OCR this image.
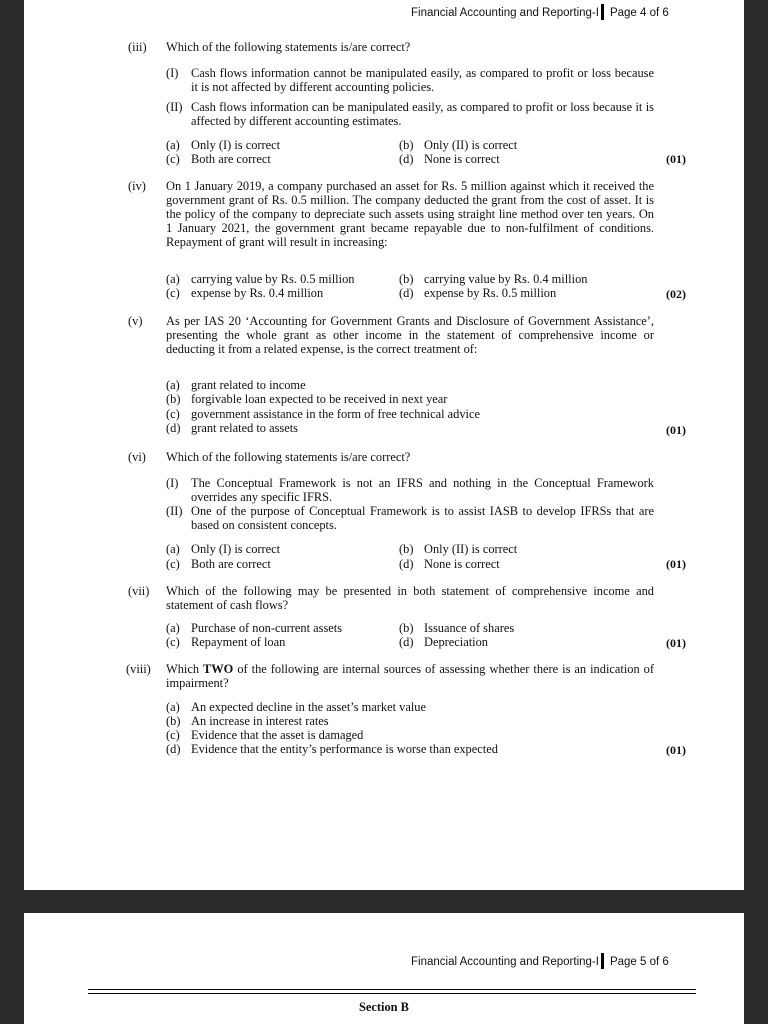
Financial Accounting and Reporting-I Page 4 of 6
(iii) Which of the following statements is/are correct?
(I) Cash flows information cannot be manipulated easily, as compared to profit or loss because it is not affected by different accounting policies.
(II) Cash flows information can be manipulated easily, as compared to profit or loss because it is affected by different accounting estimates.
(a) Only (I) is correct	(b) Only (II) is correct
(c) Both are correct	(d) None is correct	(01)
(iv) On 1 January 2019, a company purchased an asset for Rs. 5 million against which it received the government grant of Rs. 0.5 million. The company deducted the grant from the cost of asset. It is the policy of the company to depreciate such assets using straight line method over ten years. On 1 January 2021, the government grant became repayable due to non-fulfilment of conditions. Repayment of grant will result in increasing:
(a) carrying value by Rs. 0.5 million	(b) carrying value by Rs. 0.4 million
(c) expense by Rs. 0.4 million	(d) expense by Rs. 0.5 million	(02)
(v) As per IAS 20 ‘Accounting for Government Grants and Disclosure of Government Assistance’, presenting the whole grant as other income in the statement of comprehensive income or deducting it from a related expense, is the correct treatment of:
(a) grant related to income
(b) forgivable loan expected to be received in next year
(c) government assistance in the form of free technical advice
(d) grant related to assets	(01)
(vi) Which of the following statements is/are correct?
(I) The Conceptual Framework is not an IFRS and nothing in the Conceptual Framework overrides any specific IFRS.
(II) One of the purpose of Conceptual Framework is to assist IASB to develop IFRSs that are based on consistent concepts.
(a) Only (I) is correct	(b) Only (II) is correct
(c) Both are correct	(d) None is correct	(01)
(vii) Which of the following may be presented in both statement of comprehensive income and statement of cash flows?
(a) Purchase of non-current assets	(b) Issuance of shares
(c) Repayment of loan	(d) Depreciation	(01)
(viii) Which TWO of the following are internal sources of assessing whether there is an indication of impairment?
(a) An expected decline in the asset’s market value
(b) An increase in interest rates
(c) Evidence that the asset is damaged
(d) Evidence that the entity’s performance is worse than expected	(01)
Financial Accounting and Reporting-I Page 5 of 6
Section B
